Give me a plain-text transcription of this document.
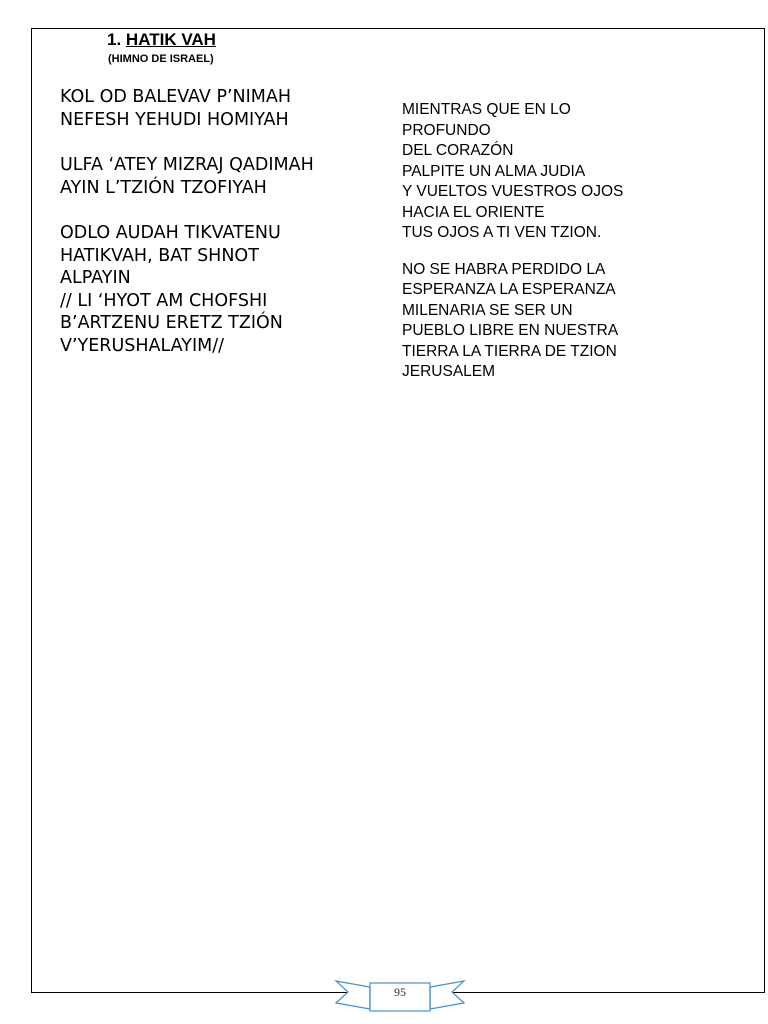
1. HATIK VAH
(HIMNO DE ISRAEL)
KOL OD BALEVAV P’NIMAH
NEFESH YEHUDI HOMIYAH
ULFA ‘ATEY MIZRAJ QADIMAH
AYIN L’TZIÓN TZOFIYAH
ODLO AUDAH TIKVATENU
HATIKVAH, BAT SHNOT
ALPAYIN
// LI ‘HYOT AM CHOFSHI
B’ARTZENU ERETZ TZIÓN
V’YERUSHALAYIM//
MIENTRAS QUE EN LO
PROFUNDO
DEL CORAZÓN
PALPITE UN ALMA JUDIA
Y VUELTOS VUESTROS OJOS
HACIA EL ORIENTE
TUS OJOS A TI VEN TZION.
NO SE HABRA PERDIDO LA
ESPERANZA LA ESPERANZA
MILENARIA SE SER UN
PUEBLO LIBRE EN NUESTRA
TIERRA LA TIERRA DE TZION
JERUSALEM
95
